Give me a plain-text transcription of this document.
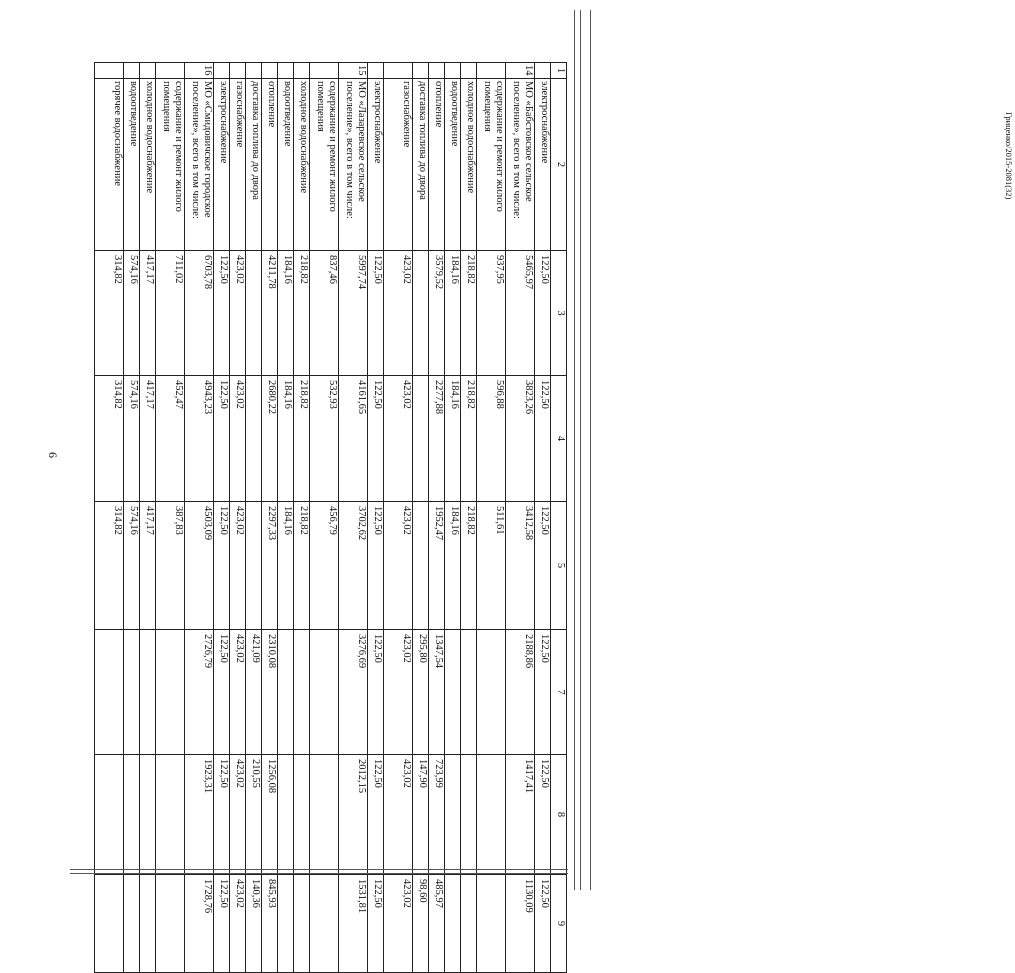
6
Гриценко/2015-2081(32)
1	2	3	4	5	7	8	9
	электроснабжение	122,50	122,50	122,50	122,50	122,50	122,50
14	МО «Бабстовское сельское поселение», всего в том числе:	5465,97	3823,26	3412,58	2188,86	1417,41	1130,09
	содержание и ремонт жилого помещения	937,95	596,88	511,61			
	холодное водоснабжение	218,82	218,82	218,82			
	водоотведение	184,16	184,16	184,16			
	отопление	3579,52	2277,88	1952,47	1347,54	723,99	485,97
	доставка топлива до двора				295,80	147,90	98,60
	газоснабжение	423,02	423,02	423,02	423,02	423,02	423,02
	электроснабжение	122,50	122,50	122,50	122,50	122,50	122,50
15	МО «Лазаревское сельское поселение», всего в том числе:	5997,74	4161,65	3702,62	3276,69	2012,15	1531,81
	содержание и ремонт жилого помещения	837,46	532,93	456,79			
	холодное водоснабжение	218,82	218,82	218,82			
	водоотведение	184,16	184,16	184,16			
	отопление	4211,78	2680,22	2297,33	2310,08	1256,08	845,93
	доставка топлива до двора				421,09	210,55	140,36
	газоснабжение	423,02	423,02	423,02	423,02	423,02	423,02
	электроснабжение	122,50	122,50	122,50	122,50	122,50	122,50
16	МО «Смидовичское городское поселение», всего в том числе:	6703,78	4943,23	4503,09	2726,79	1923,31	1728,76
	содержание и ремонт жилого помещения	711,02	452,47	387,83			
	холодное водоснабжение	417,17	417,17	417,17			
	водоотведение	574,16	574,16	574,16			
	горячее водоснабжение	314,82	314,82	314,82			
